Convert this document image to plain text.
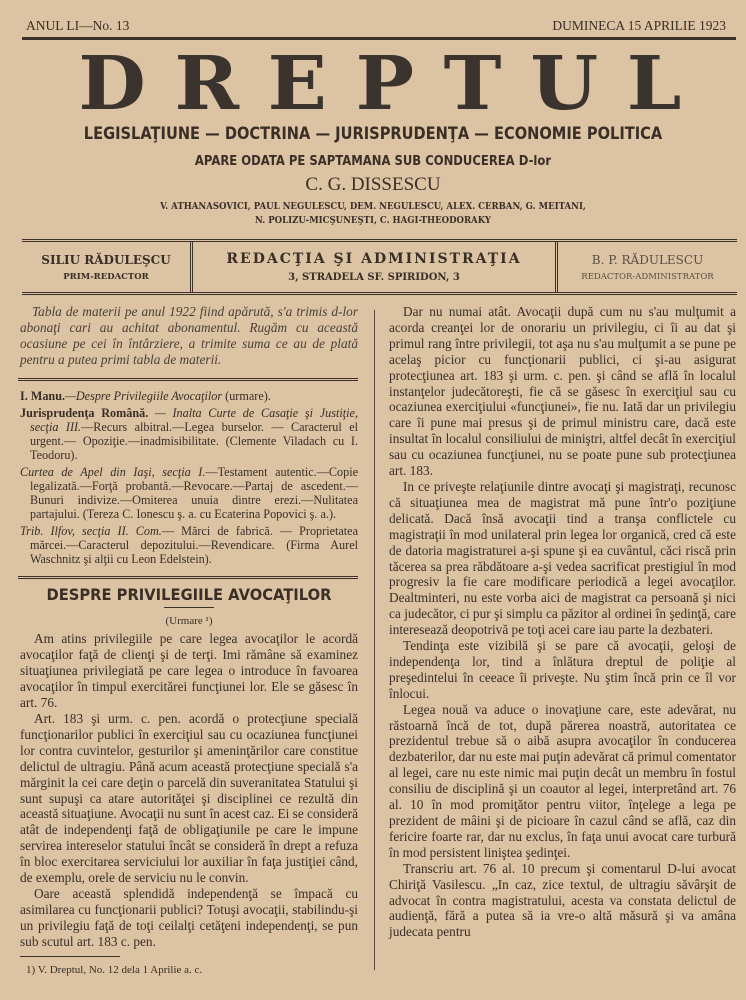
ANUL LI—No. 13	DUMINECA 15 APRILIE 1923
D R E P T U L
LEGISLAŢIUNE — DOCTRINA — JURISPRUDENŢA — ECONOMIE POLITICA
APARE ODATA PE SAPTAMANA SUB CONDUCEREA D-lor
C. G. DISSESCU
V. ATHANASOVICI, PAUL NEGULESCU, DEM. NEGULESCU, ALEX. CERBAN, G. MEITANI,
N. POLIZU-MICŞUNEŞTI, C. HAGI-THEODORAKY
SILIU RĂDULEŞCU
PRIM-REDACTOR
REDACŢIA ŞI ADMINISTRAŢIA
3, STRADELA SF. SPIRIDON, 3
B. P. RĂDULESCU
REDACTOR-ADMINISTRATOR

Tabla de materii pe anul 1922 fiind apărută, s'a trimis d-lor abonaţi cari au achitat abonamentul. Rugăm cu această ocasiune pe cei în întârziere, a trimite suma ce au de plată pentru a putea primi tabla de materii.

I. Manu.—Despre Privilegiile Avocaţilor (urmare).

Jurisprudenţa Română. — Inalta Curte de Casaţie şi Justiţie, secţia III.—Recurs albitral.—Legea burselor. — Caracterul el urgent.— Opoziţie.—inadmisibilitate. (Clemente Viladach cu I. Teodoru).

Curtea de Apel din Iaşi, secţia I.—Testament autentic.—Copie legalizată.—Forţă probantă.—Revocare.—Partaj de ascedent.—Bunuri indivize.—Omiterea unuia dintre erezi.—Nulitatea partajului. (Tereza C. Ionescu ş. a. cu Ecaterina Popovici ş. a.).

Trib. Ilfov, secţia II. Com.— Mărci de fabrică. — Proprietatea mărcei.—Caracterul depozitului.—Revendicare. (Firma Aurel Waschnitz şi alţii cu Leon Edelstein).

DESPRE PRIVILEGIILE AVOCAŢILOR
(Urmare ¹)

Am atins privilegiile pe care legea avocaţilor le acordă avocaţilor faţă de clienţi şi de terţi. Imi rămâne să examinez situaţiunea privilegiată pe care legea o introduce în favoarea avocaţilor în timpul exercitărei funcţiunei lor. Ele se găsesc în art. 76.

Art. 183 şi urm. c. pen. acordă o protecţiune specială funcţionarilor publici în exerciţiul sau cu ocaziunea funcţiunei lor contra cuvintelor, gesturilor şi ameninţărilor care constitue delictul de ultragiu. Până acum această protecţiune specială s'a mărginit la cei care deţin o parcelă din suveranitatea Statului şi sunt supuşi ca atare autorităţei şi disciplinei ce rezultă din această situaţiune. Avocaţii nu sunt în acest caz. Ei se consideră atât de independenţi faţă de obligaţiunile pe care le impune servirea intereselor statului încât se consideră în drept a refuza în bloc exercitarea serviciului lor auxiliar în faţa justiţiei când, de exemplu, orele de serviciu nu le convin.

Oare această splendidă independenţă se împacă cu asimilarea cu funcţionarii publici? Totuşi avocaţii, stabilindu-şi un privilegiu faţă de toţi ceilalţi cetăţeni independenţi, se pun sub scutul art. 183 c. pen.

1) V. Dreptul, No. 12 dela 1 Aprilie a. c.

Dar nu numai atât. Avocaţii după cum nu s'au mulţumit a acorda creanţei lor de onorariu un privilegiu, ci îi au dat şi primul rang între privilegii, tot aşa nu s'au mulţumit a se pune pe acelaş picior cu funcţionarii publici, ci şi-au asigurat protecţiunea art. 183 şi urm. c. pen. şi când se află în localul instanţelor judecătoreşti, fie că se găsesc în exerciţiul sau cu ocaziunea exerciţiului «funcţiunei», fie nu. Iată dar un privilegiu care îi pune mai presus şi de primul ministru care, dacă este insultat în localul consiliului de miniştri, altfel decât în exerciţiul sau cu ocaziunea funcţiunei, nu se poate pune sub protecţiunea art. 183.

In ce priveşte relaţiunile dintre avocaţi şi magistraţi, recunosc că situaţiunea mea de magistrat mă pune într'o poziţiune delicată. Dacă însă avocaţii tind a tranşa conflictele cu magistraţii în mod unilateral prin legea lor organică, cred că este de datoria magistraturei a-şi spune şi ea cuvântul, căci riscă prin tăcerea sa prea răbdătoare a-şi vedea sacrificat prestigiul în mod progresiv la fie care modificare periodică a legei avocaţilor. Dealtminteri, nu este vorba aici de magistrat ca persoană şi nici ca judecător, ci pur şi simplu ca păzitor al ordinei în şedinţă, care interesează deopotrivă pe toţi acei care iau parte la dezbateri.

Tendinţa este vizibilă şi se pare că avocaţii, geloşi de independenţa lor, tind a înlătura dreptul de poliţie al preşedintelui în ceeace îi priveşte. Nu ştim încă prin ce îl vor înlocui.

Legea nouă va aduce o inovaţiune care, este adevărat, nu răstoarnă încă de tot, după părerea noastră, autoritatea ce prezidentul trebue să o aibă asupra avocaţilor în conducerea dezbaterilor, dar nu este mai puţin adevărat că primul comentator al legei, care nu este nimic mai puţin decât un membru în fostul consiliu de disciplină şi un coautor al legei, interpretând art. 76 al. 10 în mod promiţător pentru viitor, înţelege a lega pe prezident de mâini şi de picioare în cazul când se află, caz din fericire foarte rar, dar nu exclus, în faţa unui avocat care turbură în mod persistent liniştea şedinţei.

Transcriu art. 76 al. 10 precum şi comentarul D-lui avocat Chiriţă Vasilescu. „In caz, zice textul, de ultragiu săvârşit de advocat în contra magistratului, acesta va constata delictul de audienţă, fără a putea să ia vre-o altă măsură şi va amâna judecata pentru
